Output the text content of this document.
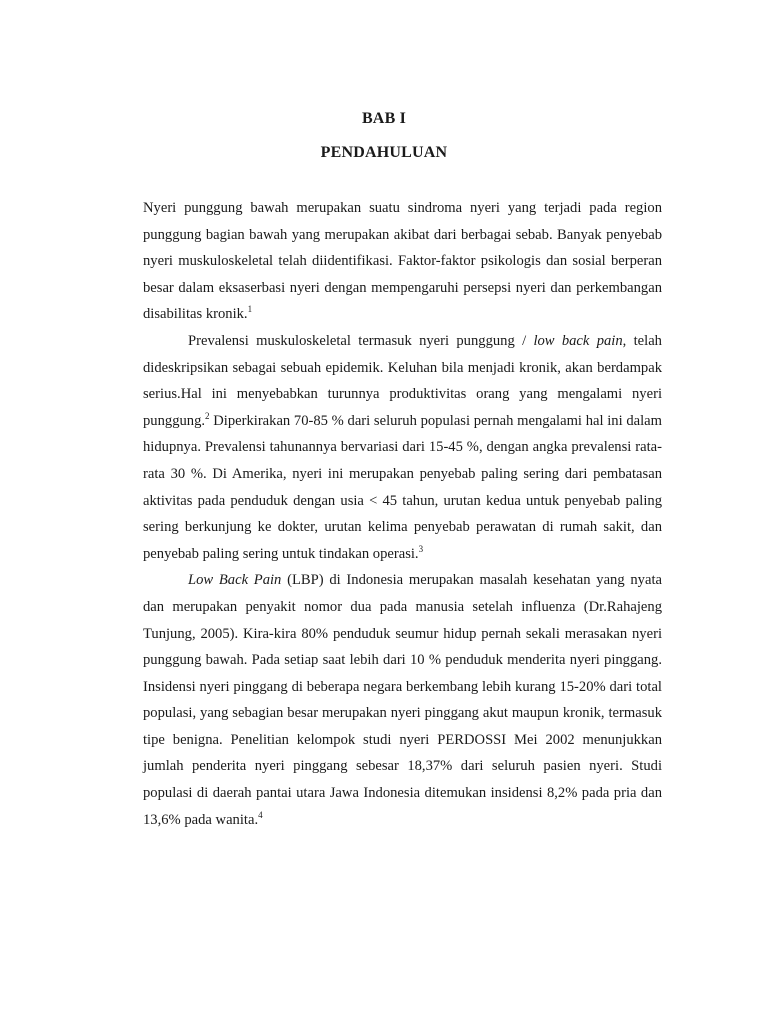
BAB I
PENDAHULUAN

Nyeri punggung bawah merupakan suatu sindroma nyeri yang terjadi pada region punggung bagian bawah yang merupakan akibat dari berbagai sebab. Banyak penyebab nyeri muskuloskeletal telah diidentifikasi. Faktor-faktor psikologis dan sosial berperan besar dalam eksaserbasi nyeri dengan mempengaruhi persepsi nyeri dan perkembangan disabilitas kronik.$^1$

Prevalensi muskuloskeletal termasuk nyeri punggung / low back pain, telah dideskripsikan sebagai sebuah epidemik. Keluhan bila menjadi kronik, akan berdampak serius.Hal ini menyebabkan turunnya produktivitas orang yang mengalami nyeri punggung.$^2$ Diperkirakan 70-85 % dari seluruh populasi pernah mengalami hal ini dalam hidupnya. Prevalensi tahunannya bervariasi dari 15-45 %, dengan angka prevalensi rata-rata 30 %. Di Amerika, nyeri ini merupakan penyebab paling sering dari pembatasan aktivitas pada penduduk dengan usia < 45 tahun, urutan kedua untuk penyebab paling sering berkunjung ke dokter, urutan kelima penyebab perawatan di rumah sakit, dan penyebab paling sering untuk tindakan operasi.$^3$

Low Back Pain (LBP) di Indonesia merupakan masalah kesehatan yang nyata dan merupakan penyakit nomor dua pada manusia setelah influenza (Dr.Rahajeng Tunjung, 2005). Kira-kira 80% penduduk seumur hidup pernah sekali merasakan nyeri punggung bawah. Pada setiap saat lebih dari 10 % penduduk menderita nyeri pinggang. Insidensi nyeri pinggang di beberapa negara berkembang lebih kurang 15-20% dari total populasi, yang sebagian besar merupakan nyeri pinggang akut maupun kronik, termasuk tipe benigna. Penelitian kelompok studi nyeri PERDOSSI Mei 2002 menunjukkan jumlah penderita nyeri pinggang sebesar 18,37% dari seluruh pasien nyeri. Studi populasi di daerah pantai utara Jawa Indonesia ditemukan insidensi 8,2% pada pria dan 13,6% pada wanita.$^4$
